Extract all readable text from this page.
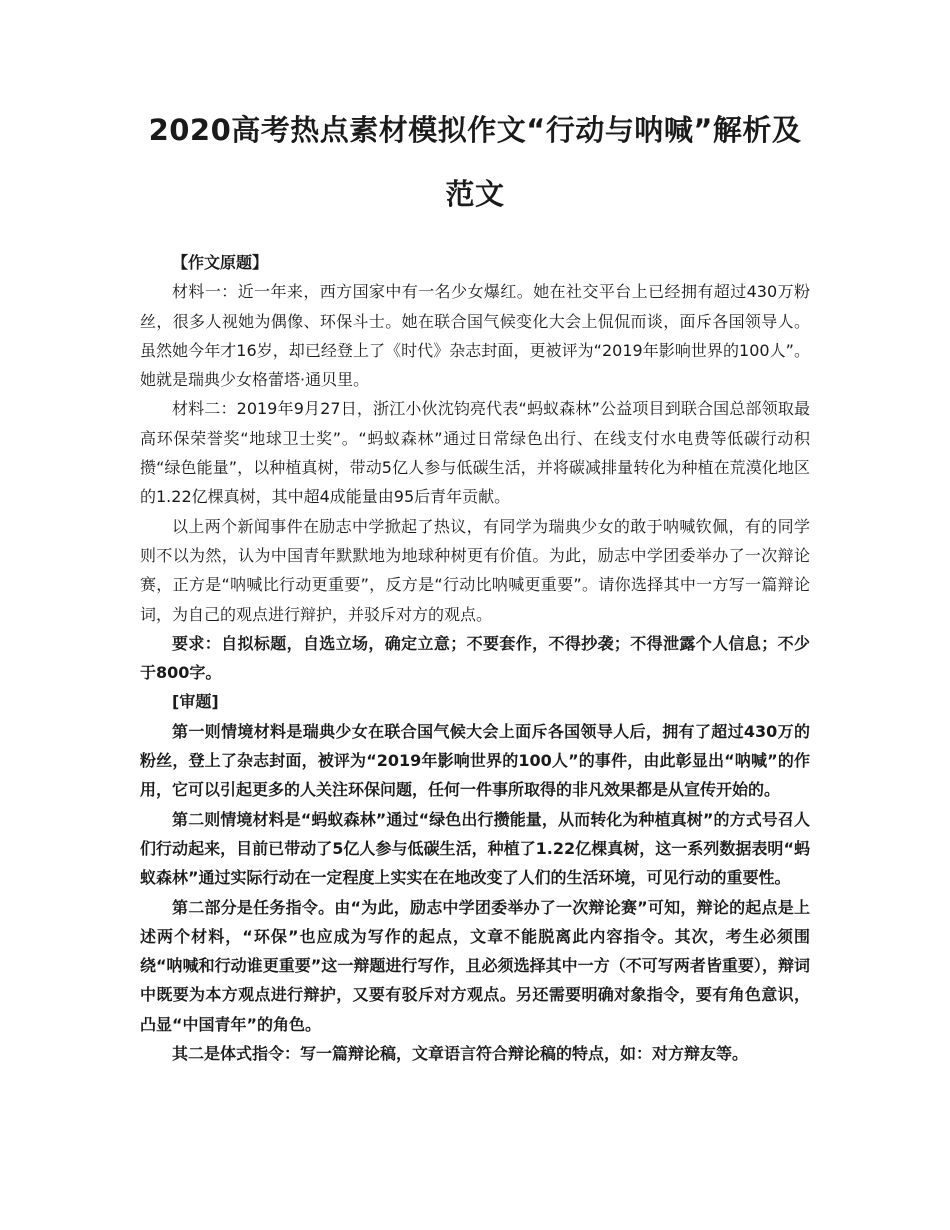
2020高考热点素材模拟作文“行动与呐喊”解析及范文

【作文原题】

材料一：近一年来，西方国家中有一名少女爆红。她在社交平台上已经拥有超过430万粉丝，很多人视她为偶像、环保斗士。她在联合国气候变化大会上侃侃而谈，面斥各国领导人。虽然她今年才16岁，却已经登上了《时代》杂志封面，更被评为“2019年影响世界的100人”。她就是瑞典少女格蕾塔·通贝里。

材料二：2019年9月27日，浙江小伙沈钧亮代表“蚂蚁森林”公益项目到联合国总部领取最高环保荣誉奖“地球卫士奖”。“蚂蚁森林”通过日常绿色出行、在线支付水电费等低碳行动积攒“绿色能量”，以种植真树，带动5亿人参与低碳生活，并将碳减排量转化为种植在荒漠化地区的1.22亿棵真树，其中超4成能量由95后青年贡献。

以上两个新闻事件在励志中学掀起了热议，有同学为瑞典少女的敢于呐喊钦佩，有的同学则不以为然，认为中国青年默默地为地球种树更有价值。为此，励志中学团委举办了一次辩论赛，正方是“呐喊比行动更重要”，反方是“行动比呐喊更重要”。请你选择其中一方写一篇辩论词，为自己的观点进行辩护，并驳斥对方的观点。

要求：自拟标题，自选立场，确定立意；不要套作，不得抄袭；不得泄露个人信息；不少于800字。

[审题]

第一则情境材料是瑞典少女在联合国气候大会上面斥各国领导人后，拥有了超过430万的粉丝，登上了杂志封面，被评为“2019年影响世界的100人”的事件，由此彰显出“呐喊”的作用，它可以引起更多的人关注环保问题，任何一件事所取得的非凡效果都是从宣传开始的。

第二则情境材料是“蚂蚁森林”通过“绿色出行攒能量，从而转化为种植真树”的方式号召人们行动起来，目前已带动了5亿人参与低碳生活，种植了1.22亿棵真树，这一系列数据表明“蚂蚁森林”通过实际行动在一定程度上实实在在地改变了人们的生活环境，可见行动的重要性。

第二部分是任务指令。由“为此，励志中学团委举办了一次辩论赛”可知，辩论的起点是上述两个材料，“环保”也应成为写作的起点，文章不能脱离此内容指令。其次，考生必须围绕“呐喊和行动谁更重要”这一辩题进行写作，且必须选择其中一方（不可写两者皆重要），辩词中既要为本方观点进行辩护，又要有驳斥对方观点。另还需要明确对象指令，要有角色意识，凸显“中国青年”的角色。

其二是体式指令：写一篇辩论稿，文章语言符合辩论稿的特点，如：对方辩友等。
